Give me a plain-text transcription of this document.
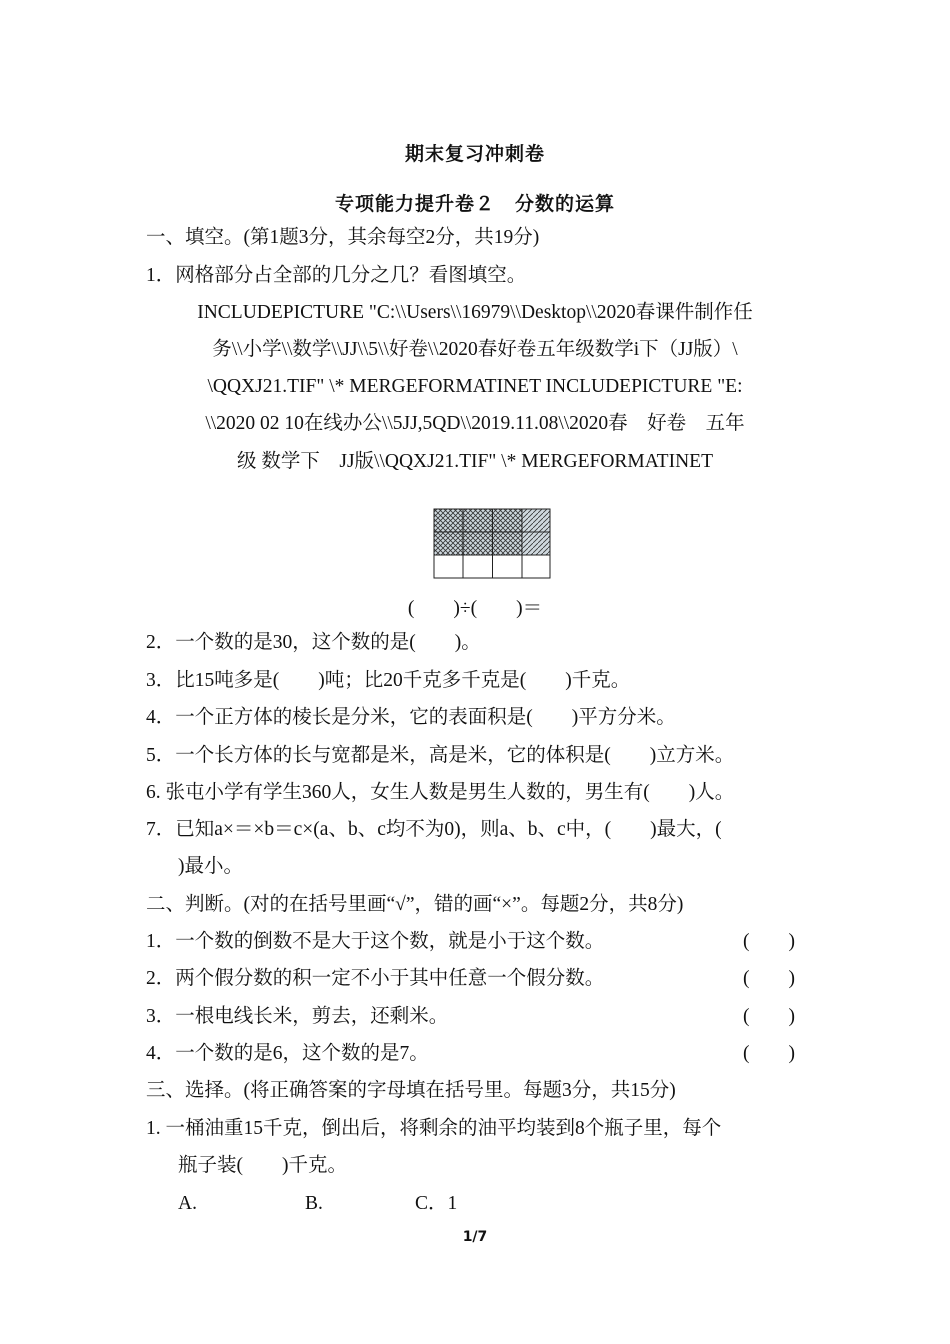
期末复习冲刺卷
专项能力提升卷２　分数的运算
一、填空。(第1题3分，其余每空2分，共19分)
1．网格部分占全部的几分之几？看图填空。
INCLUDEPICTURE "C:\\Users\\16979\\Desktop\\2020春课件制作任
务\\小学\\数学\\JJ\\5\\好卷\\2020春好卷五年级数学i下（JJ版）\
\QQXJ21.TIF" \* MERGEFORMATINET INCLUDEPICTURE "E:
\\2020 02 10在线办公\\5JJ,5QD\\2019.11.08\\2020春　好卷　五年
级 数学下　JJ版\\QQXJ21.TIF" \* MERGEFORMATINET
(　　)÷(　　)＝
2．一个数的是30，这个数的是(　　)。
3．比15吨多是(　　)吨；比20千克多千克是(　　)千克。
4．一个正方体的棱长是分米，它的表面积是(　　)平方分米。
5．一个长方体的长与宽都是米，高是米，它的体积是(　　)立方米。
6. 张屯小学有学生360人，女生人数是男生人数的，男生有(　　)人。
7．已知a×＝×b＝c×(a、b、c均不为0)，则a、b、c中，(　　)最大，(
)最小。
二、判断。(对的在括号里画“√”，错的画“×”。每题2分，共8分)
1．一个数的倒数不是大于这个数，就是小于这个数。	(　　)
2．两个假分数的积一定不小于其中任意一个假分数。	(　　)
3．一根电线长米，剪去，还剩米。	(　　)
4．一个数的是6，这个数的是7。	(　　)
三、选择。(将正确答案的字母填在括号里。每题3分，共15分)
1. 一桶油重15千克，倒出后，将剩余的油平均装到8个瓶子里，每个
瓶子装(　　)千克。
A.	B.	C．1
1/7
